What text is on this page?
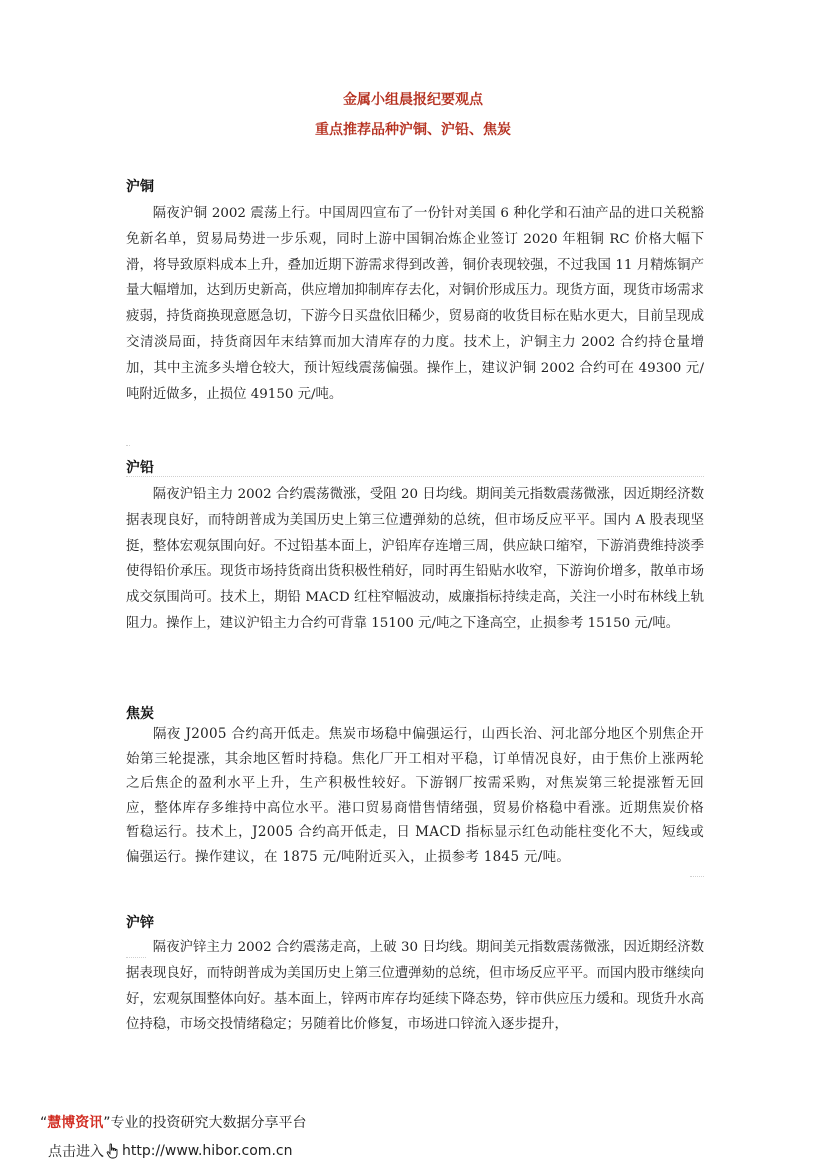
金属小组晨报纪要观点
重点推荐品种沪铜、沪铅、焦炭
沪铜
隔夜沪铜 2002 震荡上行。中国周四宣布了一份针对美国 6 种化学和石油产品的进口关税豁免新名单，贸易局势进一步乐观，同时上游中国铜冶炼企业签订 2020 年粗铜 RC 价格大幅下滑，将导致原料成本上升，叠加近期下游需求得到改善，铜价表现较强，不过我国 11 月精炼铜产量大幅增加，达到历史新高，供应增加抑制库存去化，对铜价形成压力。现货方面，现货市场需求疲弱，持货商换现意愿急切，下游今日买盘依旧稀少，贸易商的收货目标在贴水更大，目前呈现成交清淡局面，持货商因年末结算而加大清库存的力度。技术上，沪铜主力 2002 合约持仓量增加，其中主流多头增仓较大，预计短线震荡偏强。操作上，建议沪铜 2002 合约可在 49300 元/吨附近做多，止损位 49150 元/吨。
沪铅
隔夜沪铅主力 2002 合约震荡微涨，受阻 20 日均线。期间美元指数震荡微涨，因近期经济数据表现良好，而特朗普成为美国历史上第三位遭弹劾的总统，但市场反应平平。国内 A 股表现坚挺，整体宏观氛围向好。不过铅基本面上，沪铅库存连增三周，供应缺口缩窄，下游消费维持淡季使得铅价承压。现货市场持货商出货积极性稍好，同时再生铅贴水收窄，下游询价增多，散单市场成交氛围尚可。技术上，期铅 MACD 红柱窄幅波动，威廉指标持续走高，关注一小时布林线上轨阻力。操作上，建议沪铅主力合约可背靠 15100 元/吨之下逢高空，止损参考 15150 元/吨。
焦炭
隔夜 J2005 合约高开低走。焦炭市场稳中偏强运行，山西长治、河北部分地区个别焦企开始第三轮提涨，其余地区暂时持稳。焦化厂开工相对平稳，订单情况良好，由于焦价上涨两轮之后焦企的盈利水平上升，生产积极性较好。下游钢厂按需采购，对焦炭第三轮提涨暂无回应，整体库存多维持中高位水平。港口贸易商惜售情绪强，贸易价格稳中看涨。近期焦炭价格暂稳运行。技术上，J2005 合约高开低走，日 MACD 指标显示红色动能柱变化不大，短线或偏强运行。操作建议，在 1875 元/吨附近买入，止损参考 1845 元/吨。
沪锌
隔夜沪锌主力 2002 合约震荡走高，上破 30 日均线。期间美元指数震荡微涨，因近期经济数据表现良好，而特朗普成为美国历史上第三位遭弹劾的总统，但市场反应平平。而国内股市继续向好，宏观氛围整体向好。基本面上，锌两市库存均延续下降态势，锌市供应压力缓和。现货升水高位持稳，市场交投情绪稳定；另随着比价修复，市场进口锌流入逐步提升，
“慧博资讯”专业的投资研究大数据分享平台
点击进入 http://www.hibor.com.cn
